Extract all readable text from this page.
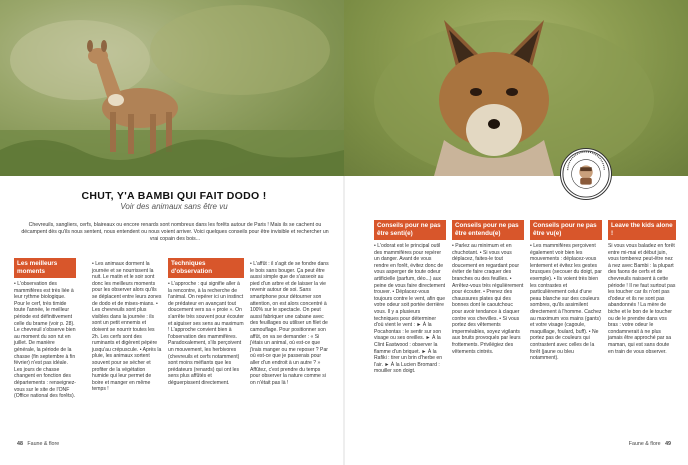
CHUT, Y'A BAMBI QUI FAIT DODO !
Voir des animaux sans être vu
Chevreuils, sangliers, cerfs, blaireaux ou encore renards sont nombreux dans les forêts autour de Paris ! Mais ils se cachent ou décampent dès qu'ils nous sentent, nous entendent ou nous voient arriver. Voici quelques conseils pour être invisible et rechercher un vrai copain des bois...
Les meilleurs moments
• L'observation des mammifères est très liée à leur rythme biologique. Pour le cerf, très timide toute l'année, le meilleur période est définitivement celle du brame (voir p. 28). Le chevreuil s'observe bien au moment du son rut en juillet. De manière générale, la période de la chasse (fin septembre à fin février) n'est pas idéale. Les jours de chasse changent en fonction des départements : renseignez-vous sur le site de l'ONF (Office national des forêts).
• Les animaux dorment la journée et se nourrissent la nuit. Le matin et le soir sont donc les meilleurs moments pour les observer alors qu'ils se déplacent entre leurs zones de dodo et de mises-mians. • Les chevreuils sont plus visibles dans la journée : ils sont un petit ennemis et doivent se nourrir toutes les 2h. Les cerfs sont des ruminants et digèrent pépère jusqu'au crépuscule. • Après la pluie, les animaux sortent souvent pour se sécher et profiter de la végétation humide qui leur permet de boire et manger en même temps !
Techniques d'observation
• L'approche : qui signifie aller à la rencontre, à la recherche de l'animal. On repérer ici un instinct de prédateur en avançant tout doucement vers sa « proie ». On s'arrête très souvent pour écouter et aiguiser ses sens au maximum ! L'approche convient bien à l'observation des mammifères. Paradoxalement, s'ils perçoivent un mouvement, les herbivores (chevreuils et cerfs notamment) sont moins méfiants que les prédateurs (renards) qui ont les sens plus affûtés et déguerpissent directement.
• L'affût : il s'agit de se fondre dans le bois sans bouger. Ça peut être aussi simple que de s'asseoir au pied d'un arbre et de laisser la vie revenir autour de soi. Sans smartphone pour détourner son attention, on est alors concentré à 100% sur le spectacle. On peut aussi fabriquer une cabane avec des feuillages ou utiliser un filet de camouflage. Pour positionner son affût, on va se demander : « Si j'étais un animal, où est-ce que j'irais manger ou me reposer ? Par où est-ce que je passerais pour aller d'un endroit à un autre ? » Affûtez, c'est prendre du temps pour observer la nature comme si on n'était pas là !
Conseils pour ne pas être senti(e)
• L'odorat est le principal outil des mammifères pour repérer un danger. Avant de vous rendre en forêt, évitez donc de vous asperger de toute odeur artificielle (parfum, déo...) aux peine de vous faire directement trouver. • Déplacez-vous toujours contre le vent, afin que votre odeur soit portée derrière vous. Il y a plusieurs techniques pour déterminer d'où vient le vent : ► À la Pocahontas : le sentir sur son visage ou ses oreilles. ► À la Clint Eastwood : observer la flamme d'un briquet. ► À la Rafiki : tirer un brin d'herbe en l'air. ► À la Lucien Bromard : mouiller son doigt.
Conseils pour ne pas être entendu(e)
• Parlez au minimum et en chuchotant. • Si vous vous déplacez, faites-le tout doucement en regardant pour éviter de faire craquer des branches ou des feuilles. • Arrêtez-vous très régulièrement pour écouter. • Prenez des chaussures plates qui des bonnes dont le caoutchouc pour avoir tendance à claquer contre vos chevilles. • Si vous portez des vêtements imperméables, soyez vigilants aux bruits provoqués par leurs frottements. Privilégiez des vêtements cintrés.
Conseils pour ne pas être vu(e)
• Les mammifères perçoivent également voir bien les mouvements : déplacez-vous lentement et évitez les gestes brusques (secouer du doigt, par exemple). • Ils voient très bien les contrastes et particulièrement celui d'une peau blanche sur des couleurs sombres, qu'ils assimilent directement à l'homme. Cachez au maximum vos mains (gants) et votre visage (cagoule, maquillage, foulard, buff). • Ne portez pas de couleurs qui contrastent avec celles de la forêt (jaune ou bleu notamment).
Leave the kids alone !
Si vous vous baladez en forêt entre mi-mai et début juin, vous tomberez peut-être nez à nez avec Bambi : la plupart des faons de cerfs et de chevreuils naissent à cette période ! Il ne faut surtout pas les toucher car ils n'ont pas d'odeur et ils ne sont pas abandonnés ! La mère de biche et le bon de le toucher ou de le prendre dans vos bras : votre odeur le condamnerait à ne plus jamais être approché par sa maman, qui est sans doute en train de vous observer.
48 Faune & flore	Faune & flore 49
